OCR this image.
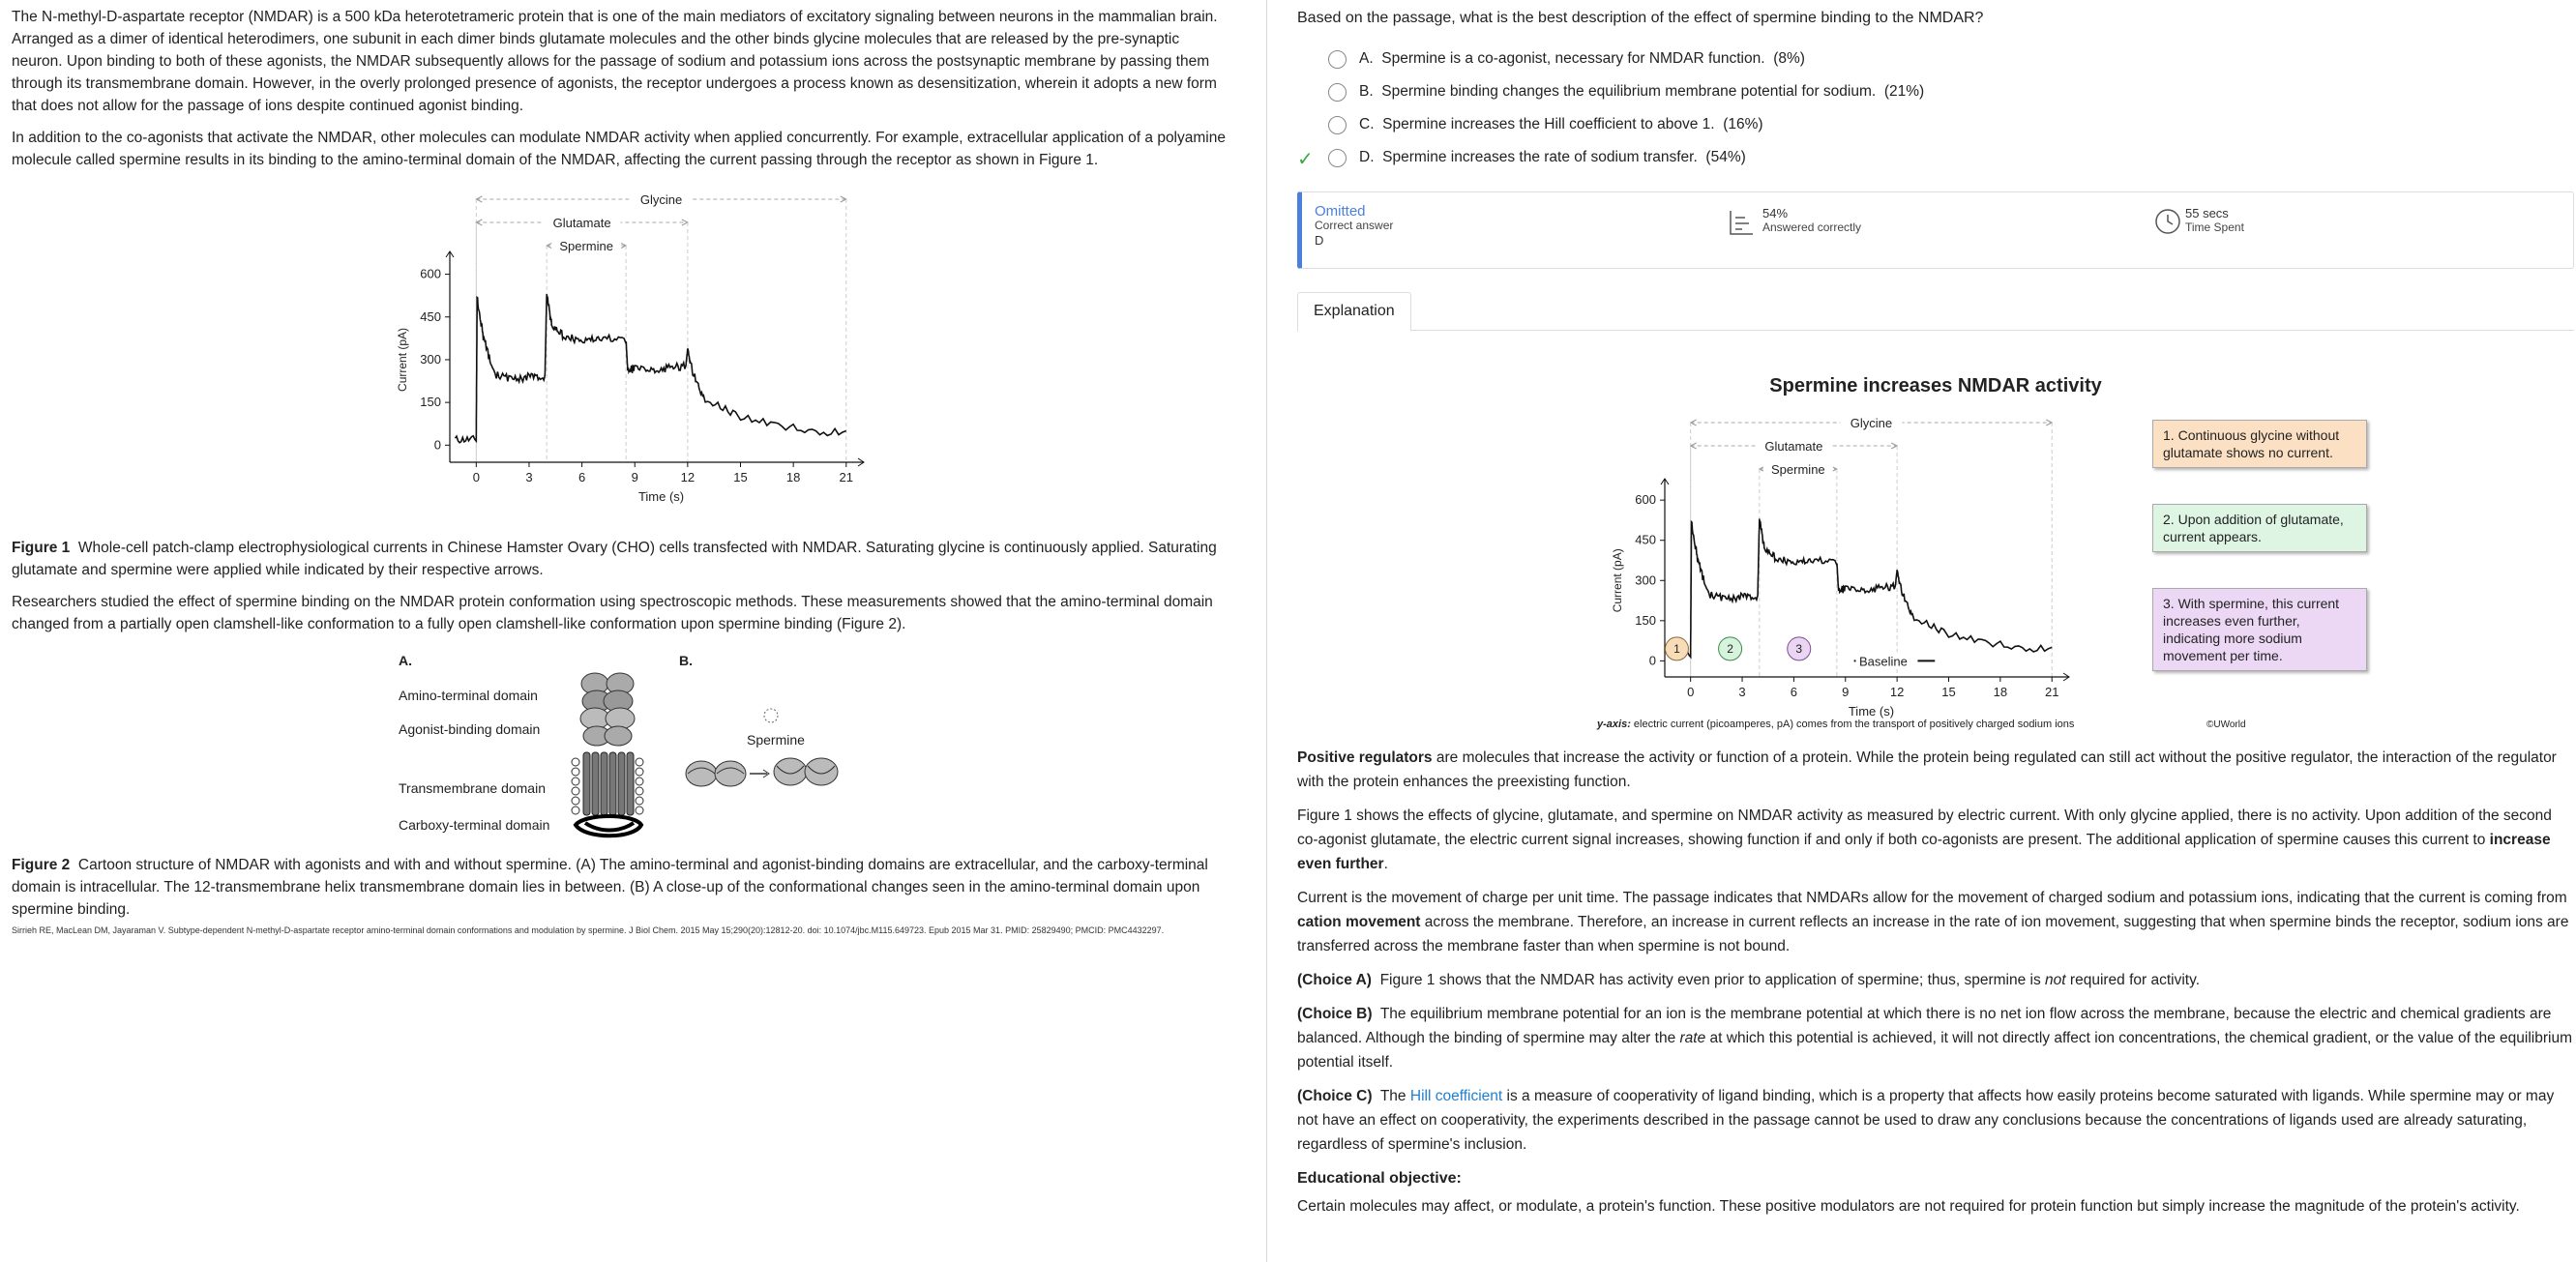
The N-methyl-D-aspartate receptor (NMDAR) is a 500 kDa heterotetrameric protein that is one of the main mediators of excitatory signaling between neurons in the mammalian brain. Arranged as a dimer of identical heterodimers, one subunit in each dimer binds glutamate molecules and the other binds glycine molecules that are released by the pre-synaptic neuron. Upon binding to both of these agonists, the NMDAR subsequently allows for the passage of sodium and potassium ions across the postsynaptic membrane by passing them through its transmembrane domain. However, in the overly prolonged presence of agonists, the receptor undergoes a process known as desensitization, wherein it adopts a new form that does not allow for the passage of ions despite continued agonist binding.

In addition to the co-agonists that activate the NMDAR, other molecules can modulate NMDAR activity when applied concurrently. For example, extracellular application of a polyamine molecule called spermine results in its binding to the amino-terminal domain of the NMDAR, affecting the current passing through the receptor as shown in Figure 1.

Glycine
Glutamate
Spermine
0	3	6	9	12	15	18	21
0
150
300
450
600
Time (s)
Current (pA)
Figure 1 Whole-cell patch-clamp electrophysiological currents in Chinese Hamster Ovary (CHO) cells transfected with NMDAR. Saturating glycine is continuously applied. Saturating glutamate and spermine were applied while indicated by their respective arrows.

Researchers studied the effect of spermine binding on the NMDAR protein conformation using spectroscopic methods. These measurements showed that the amino-terminal domain changed from a partially open clamshell-like conformation to a fully open clamshell-like conformation upon spermine binding (Figure 2).

A.	B.
Amino-terminal domain
Agonist-binding domain
Transmembrane domain
Carboxy-terminal domain
Spermine
Figure 2 Cartoon structure of NMDAR with agonists and with and without spermine. (A) The amino-terminal and agonist-binding domains are extracellular, and the carboxy-terminal domain is intracellular. The 12-transmembrane helix transmembrane domain lies in between. (B) A close-up of the conformational changes seen in the amino-terminal domain upon spermine binding.
Sirrieh RE, MacLean DM, Jayaraman V. Subtype-dependent N-methyl-D-aspartate receptor amino-terminal domain conformations and modulation by spermine. J Biol Chem. 2015 May 15;290(20):12812-20. doi: 10.1074/jbc.M115.649723. Epub 2015 Mar 31. PMID: 25829490; PMCID: PMC4432297.
Based on the passage, what is the best description of the effect of spermine binding to the NMDAR?
A.
Spermine is a co-agonist, necessary for NMDAR function.
(8%)
B.
Spermine binding changes the equilibrium membrane potential for sodium.
(21%)
C.
Spermine increases the Hill coefficient to above 1.
(16%)
✓	D.
Spermine increases the rate of sodium transfer.
(54%)
Omitted
Correct answer
D
54%
Answered correctly
55 secs
Time Spent
Explanation
Spermine increases NMDAR activity
Glycine
Glutamate
Spermine
0	3	6	9	12	15	18	21
0
150
300
450
600
Time (s)
Current (pA)
1	2	3
Baseline
1. Continuous glycine without glutamate shows no current.
2. Upon addition of glutamate, current appears.
3. With spermine, this current increases even further, indicating more sodium movement per time.
y-axis: electric current (picoamperes, pA) comes from the transport of positively charged sodium ions	©UWorld

Positive regulators are molecules that increase the activity or function of a protein. While the protein being regulated can still act without the positive regulator, the interaction of the regulator with the protein enhances the preexisting function.

Figure 1 shows the effects of glycine, glutamate, and spermine on NMDAR activity as measured by electric current. With only glycine applied, there is no activity. Upon addition of the second co-agonist glutamate, the electric current signal increases, showing function if and only if both co-agonists are present. The additional application of spermine causes this current to increase even further.

Current is the movement of charge per unit time. The passage indicates that NMDARs allow for the movement of charged sodium and potassium ions, indicating that the current is coming from cation movement across the membrane. Therefore, an increase in current reflects an increase in the rate of ion movement, suggesting that when spermine binds the receptor, sodium ions are transferred across the membrane faster than when spermine is not bound.

(Choice A) Figure 1 shows that the NMDAR has activity even prior to application of spermine; thus, spermine is not required for activity.

(Choice B) The equilibrium membrane potential for an ion is the membrane potential at which there is no net ion flow across the membrane, because the electric and chemical gradients are balanced. Although the binding of spermine may alter the rate at which this potential is achieved, it will not directly affect ion concentrations, the chemical gradient, or the value of the equilibrium potential itself.

(Choice C) The Hill coefficient is a measure of cooperativity of ligand binding, which is a property that affects how easily proteins become saturated with ligands. While spermine may or may not have an effect on cooperativity, the experiments described in the passage cannot be used to draw any conclusions because the concentrations of ligands used are already saturating, regardless of spermine's inclusion.

Educational objective:
Certain molecules may affect, or modulate, a protein's function. These positive modulators are not required for protein function but simply increase the magnitude of the protein's activity.
